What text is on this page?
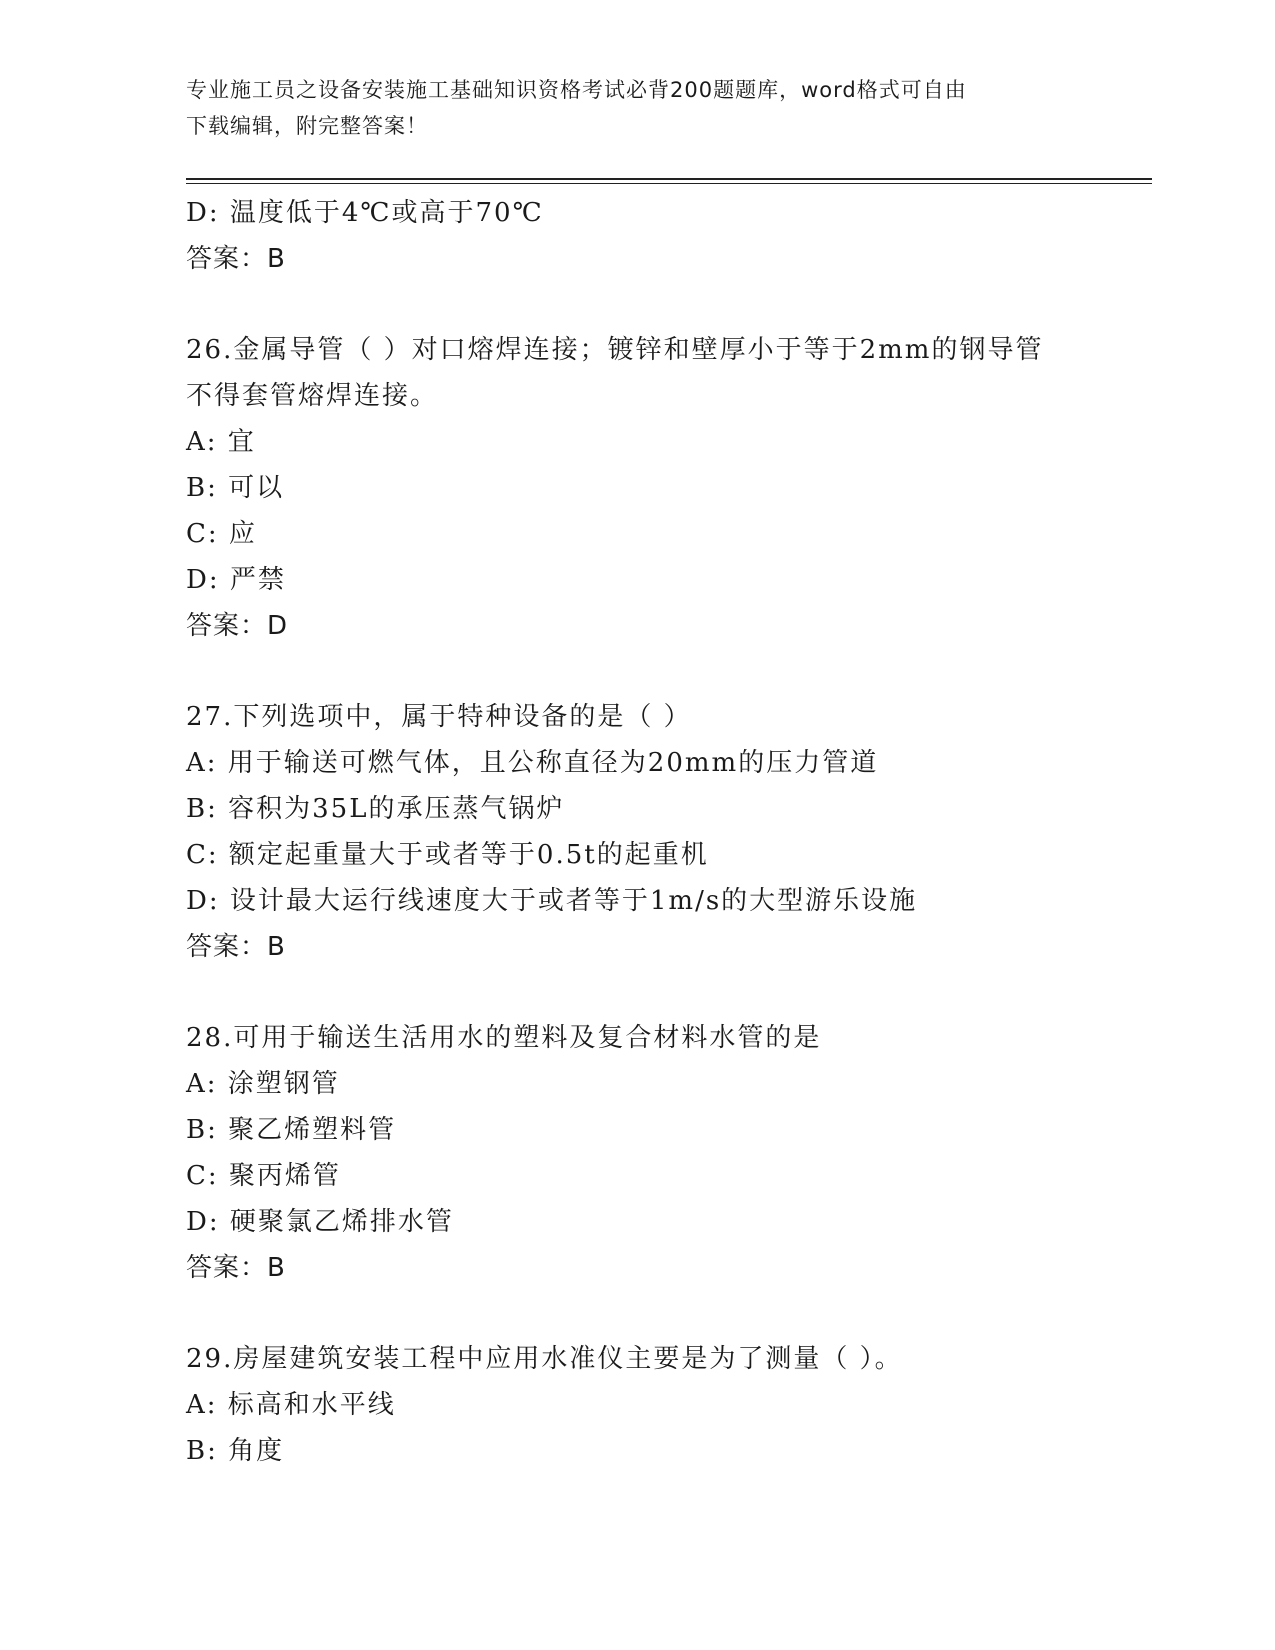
专业施工员之设备安装施工基础知识资格考试必背200题题库，word格式可自由
下载编辑，附完整答案！
D: 温度低于4℃或高于70℃
答案：B
26.金属导管（ ）对口熔焊连接；镀锌和壁厚小于等于2mm的钢导管
不得套管熔焊连接。
A: 宜
B: 可以
C: 应
D: 严禁
答案：D
27.下列选项中，属于特种设备的是（ ）
A: 用于输送可燃气体，且公称直径为20mm的压力管道
B: 容积为35L的承压蒸气锅炉
C: 额定起重量大于或者等于0.5t的起重机
D: 设计最大运行线速度大于或者等于1m/s的大型游乐设施
答案：B
28.可用于输送生活用水的塑料及复合材料水管的是
A: 涂塑钢管
B: 聚乙烯塑料管
C: 聚丙烯管
D: 硬聚氯乙烯排水管
答案：B
29.房屋建筑安装工程中应用水准仪主要是为了测量（ ）。
A: 标高和水平线
B: 角度
